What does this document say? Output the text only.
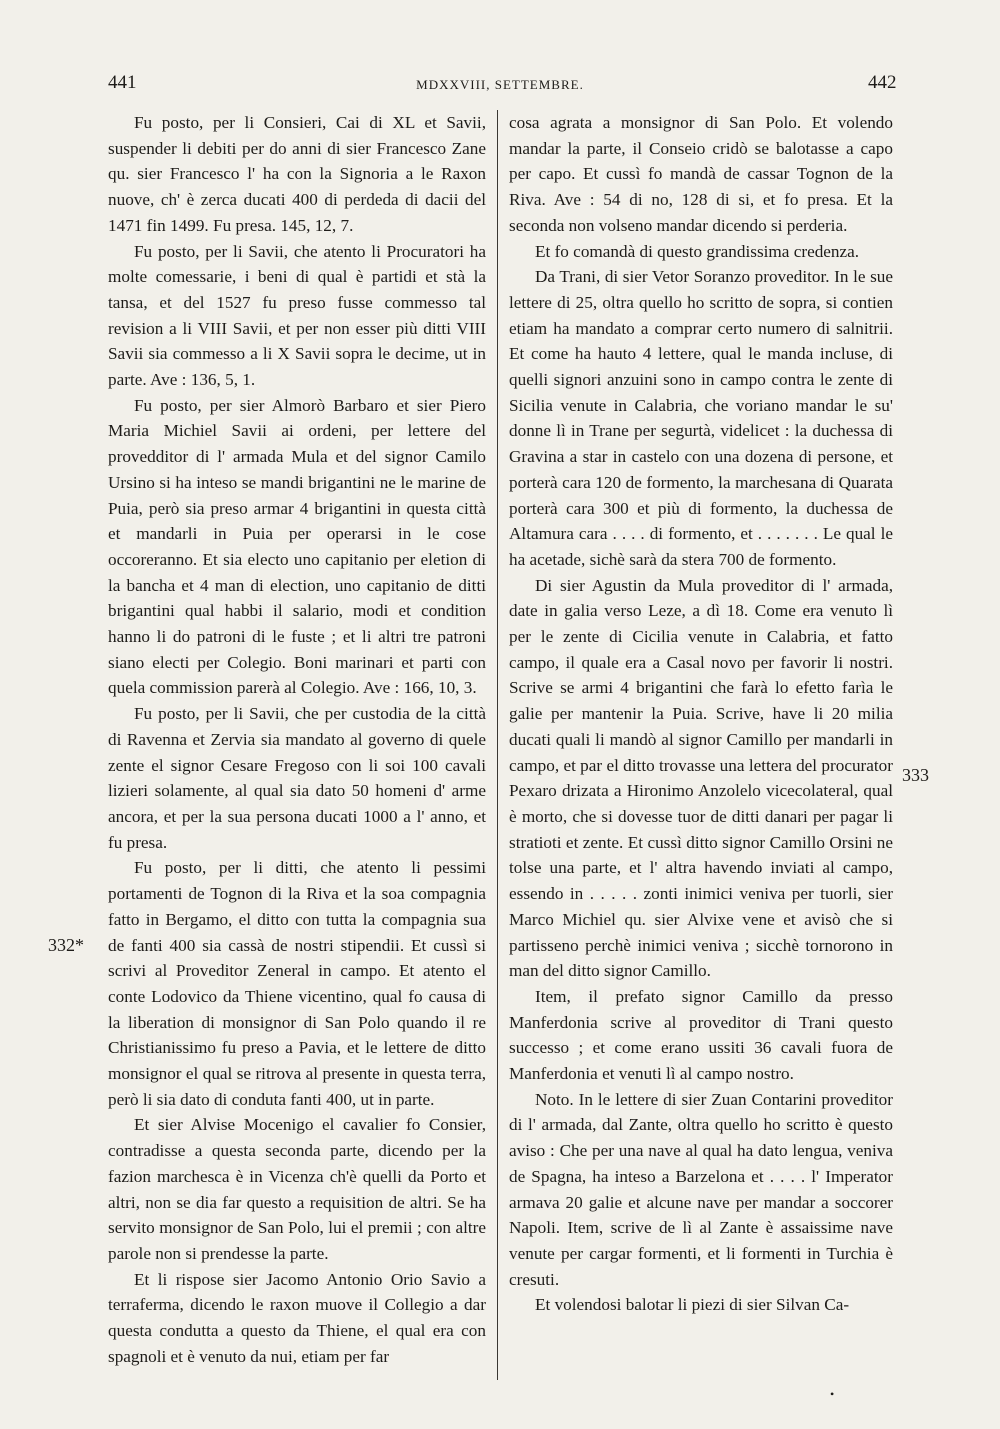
441	MDXXVIII, SETTEMBRE.	442

332*

333

Fu posto, per li Consieri, Cai di XL et Savii, suspender li debiti per do anni di sier Francesco Zane qu. sier Francesco l' ha con la Signoria a le Raxon nuove, ch' è zerca ducati 400 di perdeda di dacii del 1471 fin 1499. Fu presa. 145, 12, 7.

Fu posto, per li Savii, che atento li Procuratori ha molte comessarie, i beni di qual è partidi et stà la tansa, et del 1527 fu preso fusse commesso tal revision a li VIII Savii, et per non esser più ditti VIII Savii sia commesso a li X Savii sopra le decime, ut in parte. Ave : 136, 5, 1.

Fu posto, per sier Almorò Barbaro et sier Piero Maria Michiel Savii ai ordeni, per lettere del provedditor di l' armada Mula et del signor Camilo Ursino si ha inteso se mandi brigantini ne le marine de Puia, però sia preso armar 4 brigantini in questa città et mandarli in Puia per operarsi in le cose occoreranno. Et sia electo uno capitanio per eletion di la bancha et 4 man di election, uno capitanio de ditti brigantini qual habbi il salario, modi et condition hanno li do patroni di le fuste ; et li altri tre patroni siano electi per Colegio. Boni marinari et parti con quela commission parerà al Colegio. Ave : 166, 10, 3.

Fu posto, per li Savii, che per custodia de la città di Ravenna et Zervia sia mandato al governo di quele zente el signor Cesare Fregoso con li soi 100 cavali lizieri solamente, al qual sia dato 50 homeni d' arme ancora, et per la sua persona ducati 1000 a l' anno, et fu presa.

Fu posto, per li ditti, che atento li pessimi portamenti de Tognon di la Riva et la soa compagnia fatto in Bergamo, el ditto con tutta la compagnia sua de fanti 400 sia cassà de nostri stipendii. Et cussì si scrivi al Proveditor Zeneral in campo. Et atento el conte Lodovico da Thiene vicentino, qual fo causa di la liberation di monsignor di San Polo quando il re Christianissimo fu preso a Pavia, et le lettere de ditto monsignor el qual se ritrova al presente in questa terra, però li sia dato di conduta fanti 400, ut in parte.

Et sier Alvise Mocenigo el cavalier fo Consier, contradisse a questa seconda parte, dicendo per la fazion marchesca è in Vicenza ch'è quelli da Porto et altri, non se dia far questo a requisition de altri. Se ha servito monsignor de San Polo, lui el premii ; con altre parole non si prendesse la parte.

Et li rispose sier Jacomo Antonio Orio Savio a terraferma, dicendo le raxon muove il Collegio a dar questa condutta a questo da Thiene, el qual era con spagnoli et è venuto da nui, etiam per far

cosa agrata a monsignor di San Polo. Et volendo mandar la parte, il Conseio cridò se balotasse a capo per capo. Et cussì fo mandà de cassar Tognon de la Riva. Ave : 54 di no, 128 di si, et fo presa. Et la seconda non volseno mandar dicendo si perderia.

Et fo comandà di questo grandissima credenza.

Da Trani, di sier Vetor Soranzo proveditor. In le sue lettere di 25, oltra quello ho scritto de sopra, si contien etiam ha mandato a comprar certo numero di salnitrii. Et come ha hauto 4 lettere, qual le manda incluse, di quelli signori anzuini sono in campo contra le zente di Sicilia venute in Calabria, che voriano mandar le su' donne lì in Trane per segurtà, videlicet : la duchessa di Gravina a star in castelo con una dozena di persone, et porterà cara 120 de formento, la marchesana di Quarata porterà cara 300 et più di formento, la duchessa de Altamura cara . . . . di formento, et . . . . . . . Le qual le ha acetade, sichè sarà da stera 700 de formento.

Di sier Agustin da Mula proveditor di l' armada, date in galia verso Leze, a dì 18. Come era venuto lì per le zente di Cicilia venute in Calabria, et fatto campo, il quale era a Casal novo per favorir li nostri. Scrive se armi 4 brigantini che farà lo efetto farìa le galie per mantenir la Puia. Scrive, have li 20 milia ducati quali li mandò al signor Camillo per mandarli in campo, et par el ditto trovasse una lettera del procurator Pexaro drizata a Hironimo Anzolelo vicecolateral, qual è morto, che si dovesse tuor de ditti danari per pagar li stratioti et zente. Et cussì ditto signor Camillo Orsini ne tolse una parte, et l' altra havendo inviati al campo, essendo in . . . . . zonti inimici veniva per tuorli, sier Marco Michiel qu. sier Alvixe vene et avisò che si partisseno perchè inimici veniva ; sicchè tornorono in man del ditto signor Camillo.

Item, il prefato signor Camillo da presso Manferdonia scrive al proveditor di Trani questo successo ; et come erano ussiti 36 cavali fuora de Manferdonia et venuti lì al campo nostro.

Noto. In le lettere di sier Zuan Contarini proveditor di l' armada, dal Zante, oltra quello ho scritto è questo aviso : Che per una nave al qual ha dato lengua, veniva de Spagna, ha inteso a Barzelona et . . . . l' Imperator armava 20 galie et alcune nave per mandar a soccorer Napoli. Item, scrive de lì al Zante è assaissime nave venute per cargar formenti, et li formenti in Turchia è cresuti.

Et volendosi balotar li piezi di sier Silvan Ca-

•
